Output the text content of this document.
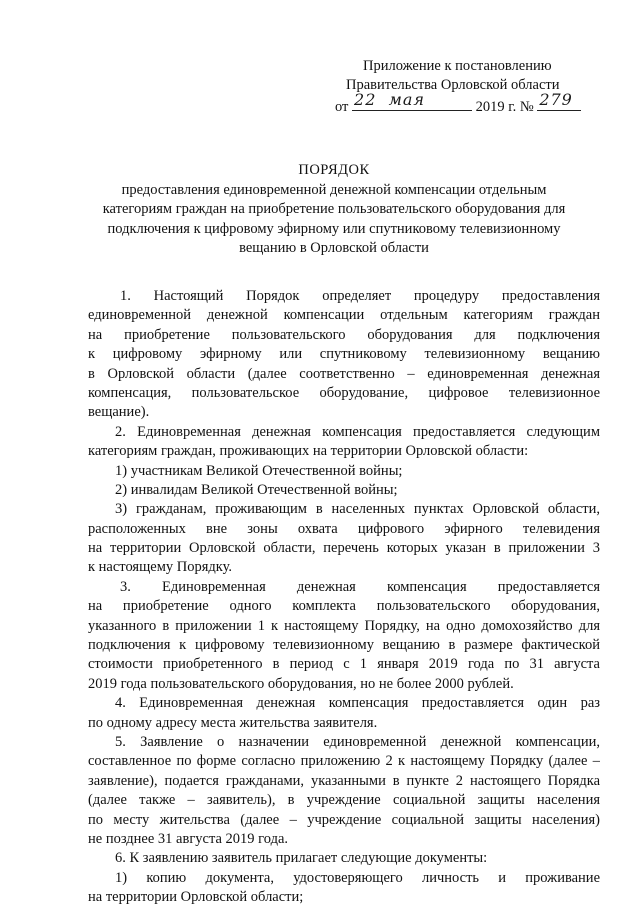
Приложение к постановлению
Правительства Орловской области
от 22 мая	2019 г. № 279
ПОРЯДОК
предоставления единовременной денежной компенсации отдельным
категориям граждан на приобретение пользовательского оборудования для
подключения к цифровому эфирному или спутниковому телевизионному
вещанию в Орловской области
1. Настоящий Порядок определяет процедуру предоставления
единовременной денежной компенсации отдельным категориям граждан
на приобретение пользовательского оборудования для подключения
к цифровому эфирному или спутниковому телевизионному вещанию
в Орловской области (далее соответственно – единовременная денежная
компенсация, пользовательское оборудование, цифровое телевизионное
вещание).
2. Единовременная денежная компенсация предоставляется следующим
категориям граждан, проживающих на территории Орловской области:
1) участникам Великой Отечественной войны;
2) инвалидам Великой Отечественной войны;
3) гражданам, проживающим в населенных пунктах Орловской области,
расположенных вне зоны охвата цифрового эфирного телевидения
на территории Орловской области, перечень которых указан в приложении 3
к настоящему Порядку.
3. Единовременная денежная компенсация предоставляется
на приобретение одного комплекта пользовательского оборудования,
указанного в приложении 1 к настоящему Порядку, на одно домохозяйство для
подключения к цифровому телевизионному вещанию в размере фактической
стоимости приобретенного в период с 1 января 2019 года по 31 августа
2019 года пользовательского оборудования, но не более 2000 рублей.
4. Единовременная денежная компенсация предоставляется один раз
по одному адресу места жительства заявителя.
5. Заявление о назначении единовременной денежной компенсации,
составленное по форме согласно приложению 2 к настоящему Порядку (далее –
заявление), подается гражданами, указанными в пункте 2 настоящего Порядка
(далее также – заявитель), в учреждение социальной защиты населения
по месту жительства (далее – учреждение социальной защиты населения)
не позднее 31 августа 2019 года.
6. К заявлению заявитель прилагает следующие документы:
1) копию документа, удостоверяющего личность и проживание
на территории Орловской области;
